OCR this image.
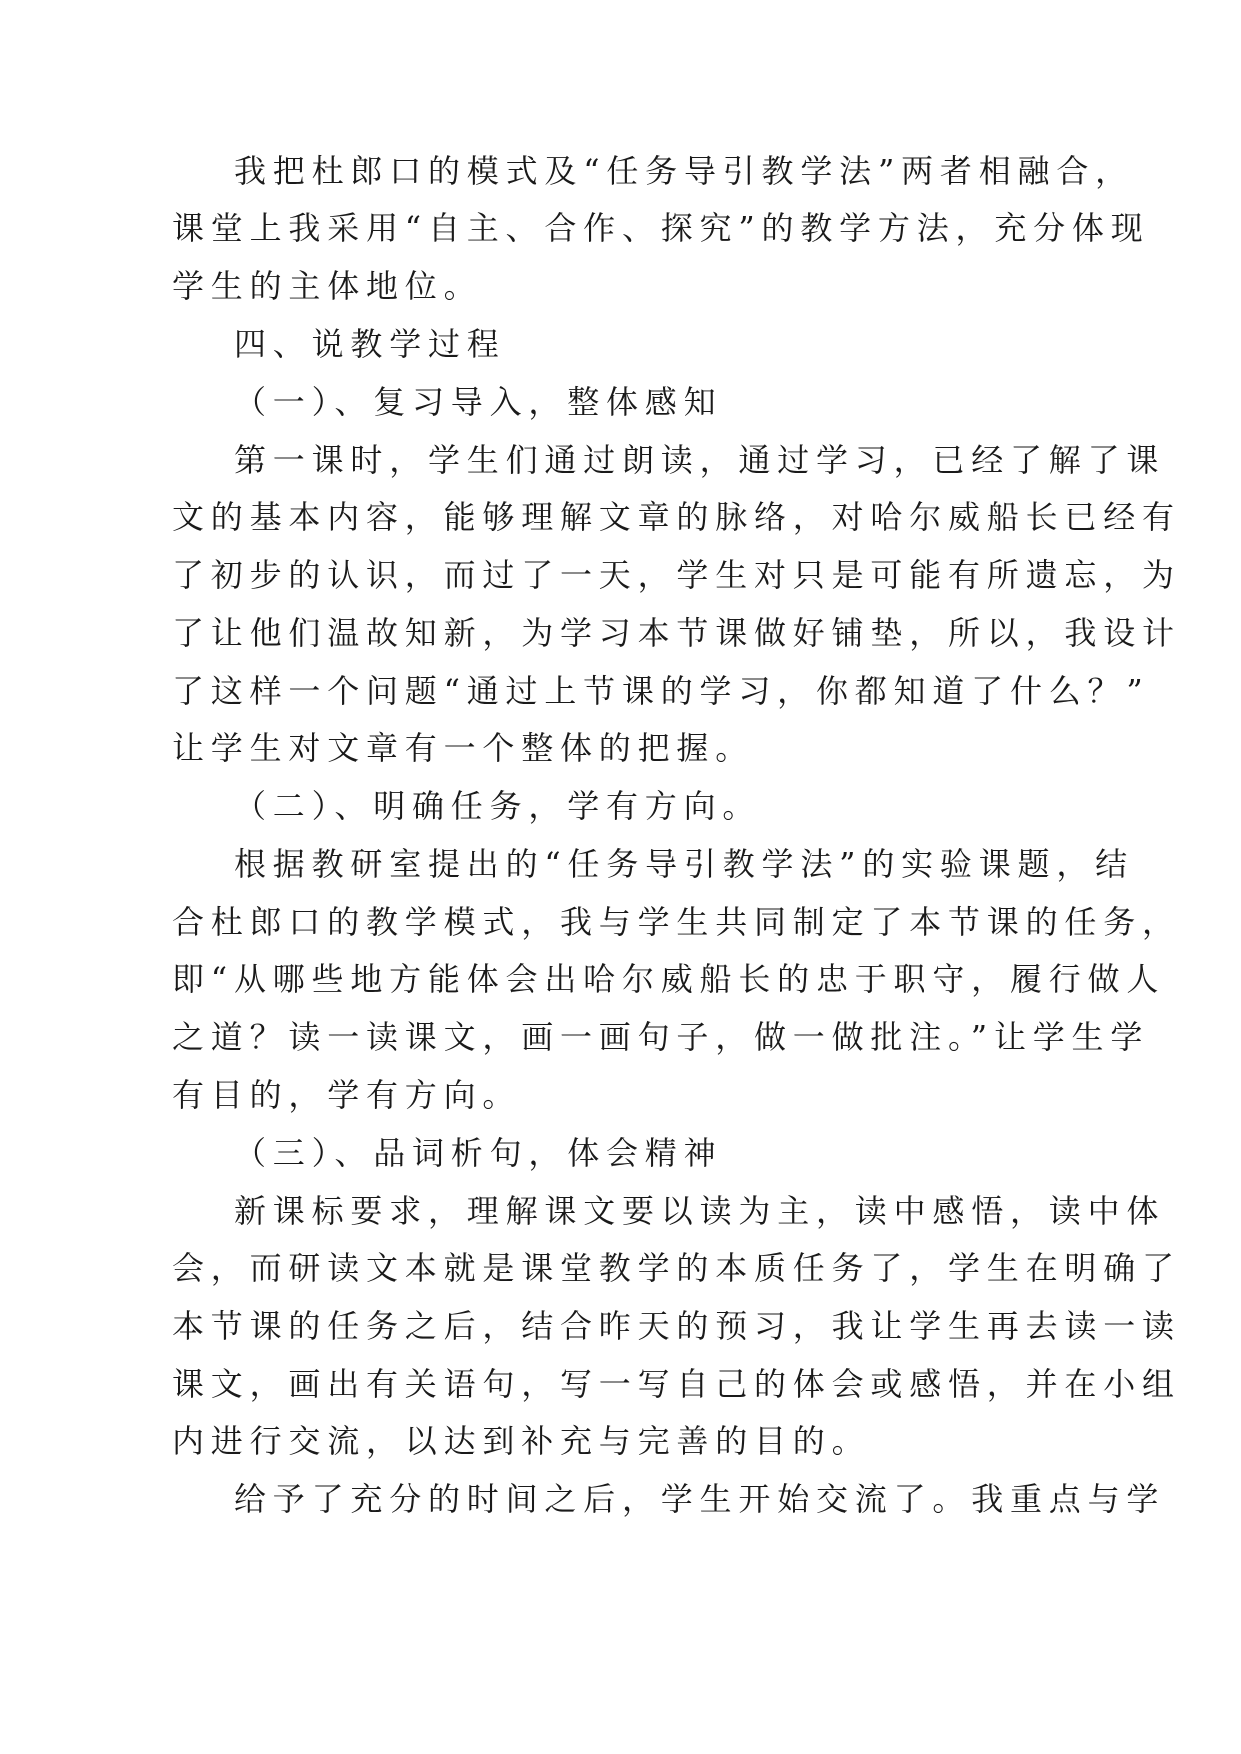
我把杜郎口的模式及“任务导引教学法”两者相融合，
课堂上我采用“自主、合作、探究”的教学方法，充分体现
学生的主体地位。
四、说教学过程
（一）、复习导入，整体感知
第一课时，学生们通过朗读，通过学习，已经了解了课
文的基本内容，能够理解文章的脉络，对哈尔威船长已经有
了初步的认识，而过了一天，学生对只是可能有所遗忘，为
了让他们温故知新，为学习本节课做好铺垫，所以，我设计
了这样一个问题“通过上节课的学习，你都知道了什么？”
让学生对文章有一个整体的把握。
（二）、明确任务，学有方向。
根据教研室提出的“任务导引教学法”的实验课题，结
合杜郎口的教学模式，我与学生共同制定了本节课的任务，
即“从哪些地方能体会出哈尔威船长的忠于职守，履行做人
之道？读一读课文，画一画句子，做一做批注。”让学生学
有目的，学有方向。
（三）、品词析句，体会精神
新课标要求，理解课文要以读为主，读中感悟，读中体
会，而研读文本就是课堂教学的本质任务了，学生在明确了
本节课的任务之后，结合昨天的预习，我让学生再去读一读
课文，画出有关语句，写一写自己的体会或感悟，并在小组
内进行交流，以达到补充与完善的目的。
给予了充分的时间之后，学生开始交流了。我重点与学
